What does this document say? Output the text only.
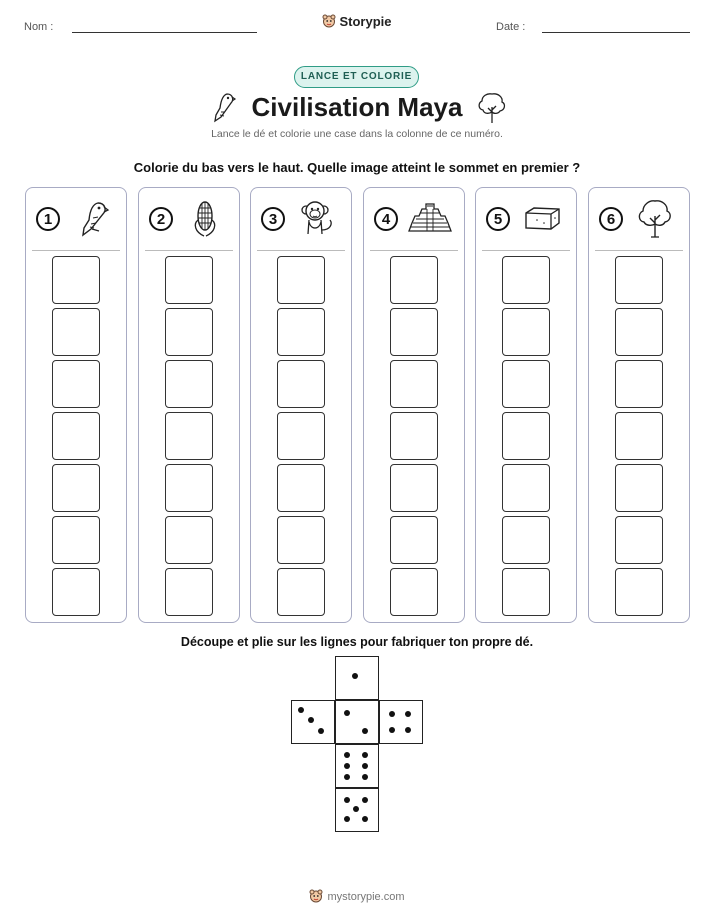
Nom :	Storypie	Date :
LANCE ET COLORIE
Civilisation Maya
Lance le dé et colorie une case dans la colonne de ce numéro.
Colorie du bas vers le haut. Quelle image atteint le sommet en premier ?
1	2	3	4	5	6
Découpe et plie sur les lignes pour fabriquer ton propre dé.
mystorypie.com
